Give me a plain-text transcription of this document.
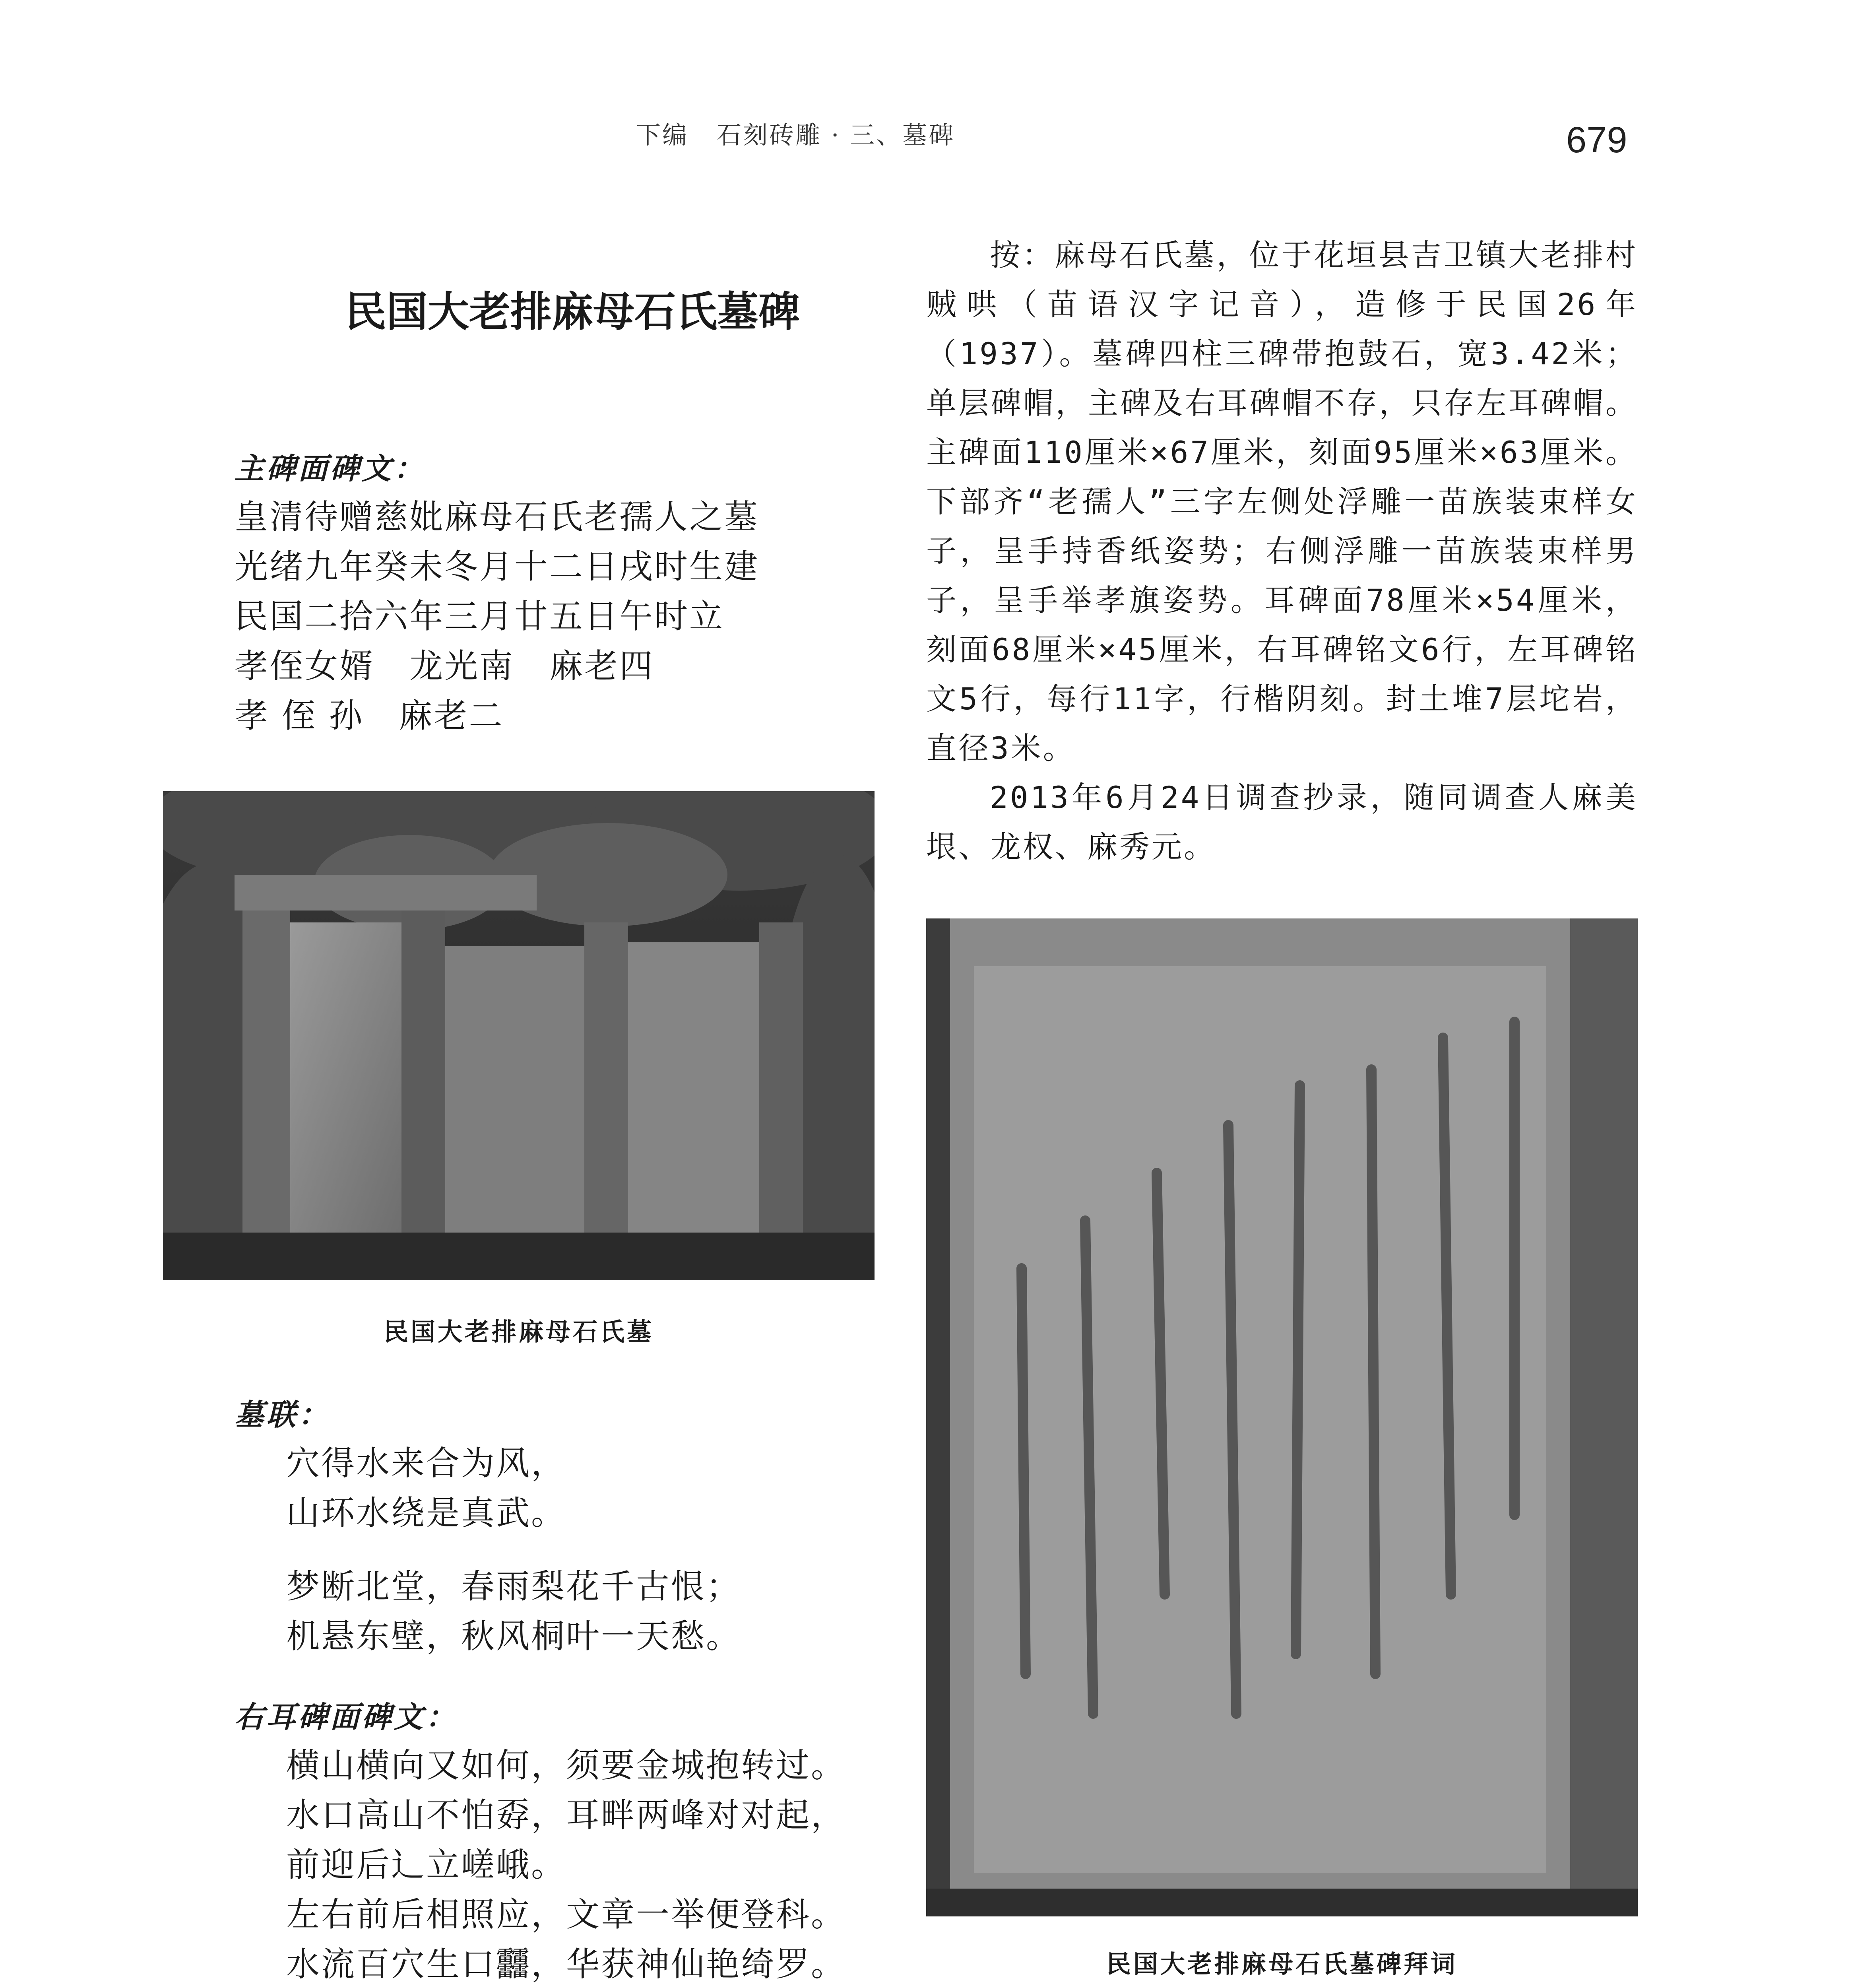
下编   石刻砖雕 · 三、墓碑	679
民国大老排麻母石氏墓碑
主碑面碑文：
皇清待赠慈妣麻母石氏老孺人之墓
光绪九年癸未冬月十二日戌时生建
民国二拾六年三月廿五日午时立
孝侄女婿　龙光南　麻老四
孝 侄 孙　麻老二
民国大老排麻母石氏墓
墓联：
穴得水来合为风，
山环水绕是真武。
梦断北堂，春雨梨花千古恨；
机悬东壁，秋风桐叶一天愁。
右耳碑面碑文：
横山横向又如何，须要金城抱转过。
水口高山不怕孬，耳畔两峰对对起，
前迎后辶立嵯峨。
左右前后相照应，文章一举便登科。
水流百穴生口䨻，华获神仙艳绮罗。

按：麻母石氏墓，位于花垣县吉卫镇大老排村贼哄（苗语汉字记音），造修于民国26年（1937）。墓碑四柱三碑带抱鼓石，宽3.42米；单层碑帽，主碑及右耳碑帽不存，只存左耳碑帽。主碑面110厘米×67厘米，刻面95厘米×63厘米。下部齐“老孺人”三字左侧处浮雕一苗族装束样女子，呈手持香纸姿势；右侧浮雕一苗族装束样男子，呈手举孝旗姿势。耳碑面78厘米×54厘米，刻面68厘米×45厘米，右耳碑铭文6行，左耳碑铭文5行，每行11字，行楷阴刻。封土堆7层坨岩，直径3米。

2013年6月24日调查抄录，随同调查人麻美垠、龙权、麻秀元。

民国大老排麻母石氏墓碑拜词
